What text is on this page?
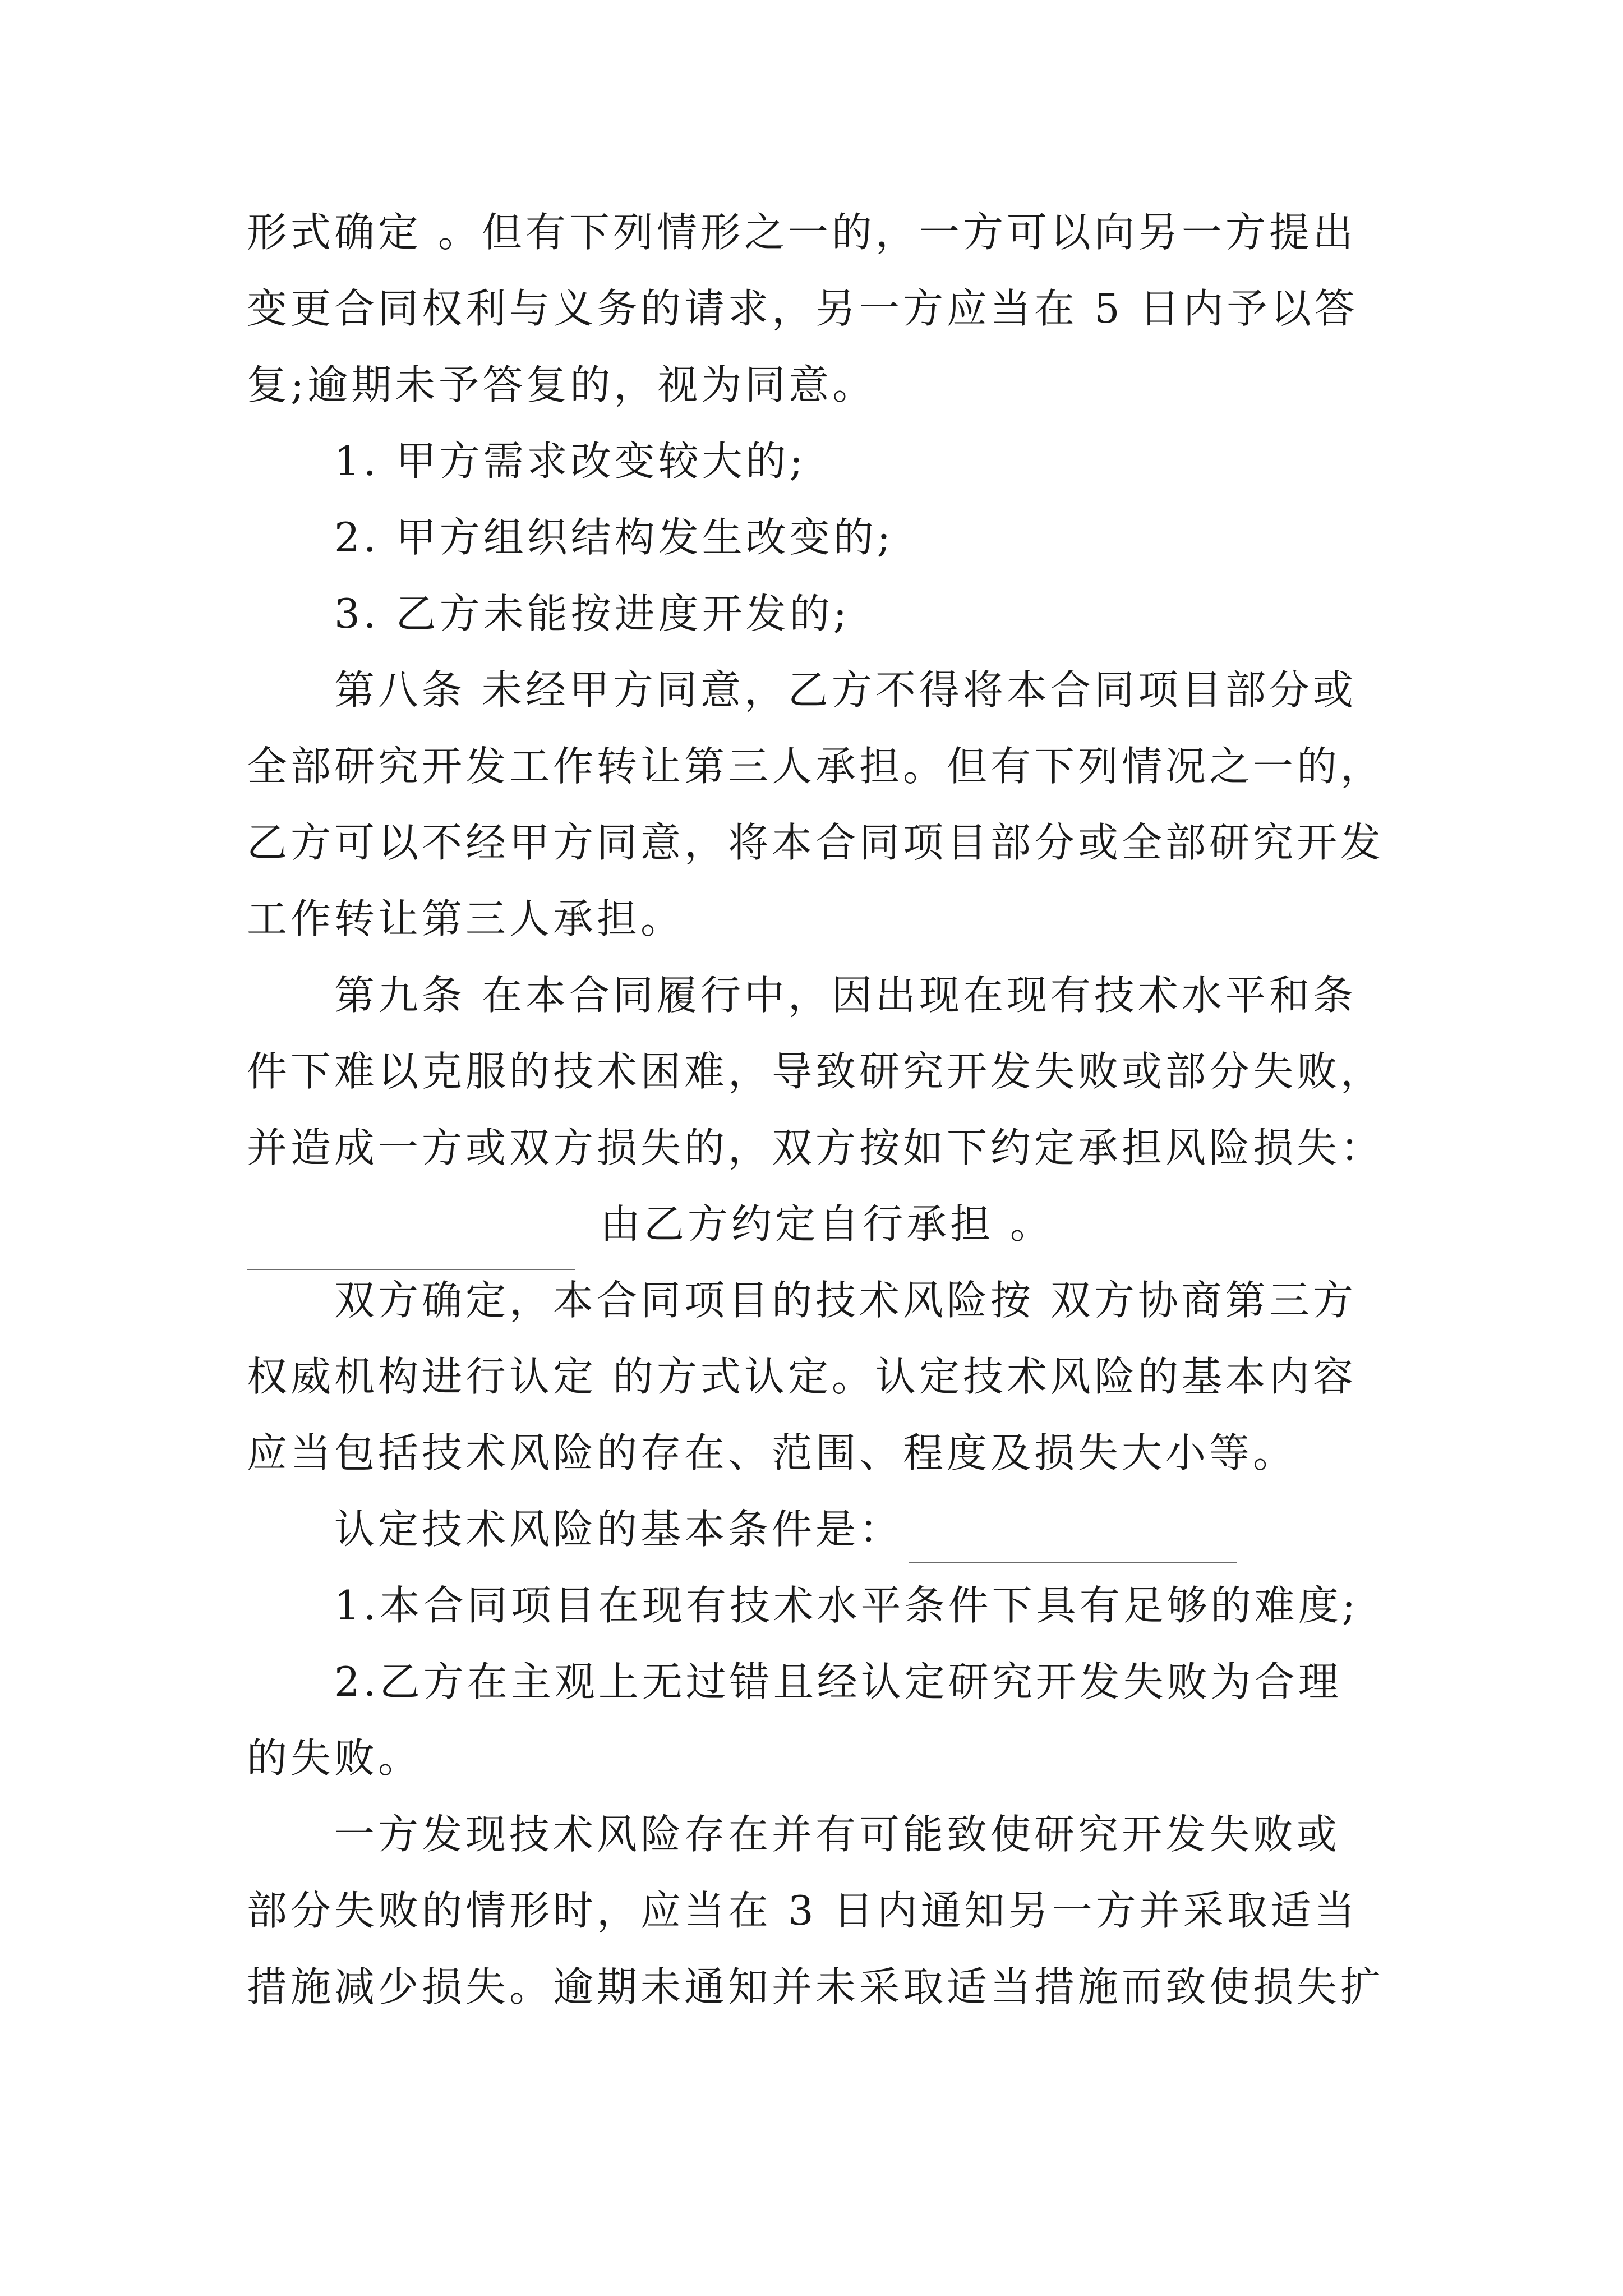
形式确定 。但有下列情形之一的，一方可以向另一方提出
变更合同权利与义务的请求，另一方应当在 5 日内予以答
复;逾期未予答复的，视为同意。
1. 甲方需求改变较大的;
2. 甲方组织结构发生改变的;
3. 乙方未能按进度开发的;
第八条 未经甲方同意，乙方不得将本合同项目部分或
全部研究开发工作转让第三人承担。但有下列情况之一的，
乙方可以不经甲方同意，将本合同项目部分或全部研究开发
工作转让第三人承担。
第九条 在本合同履行中，因出现在现有技术水平和条
件下难以克服的技术困难，导致研究开发失败或部分失败，
并造成一方或双方损失的，双方按如下约定承担风险损失：
由乙方约定自行承担 。
双方确定，本合同项目的技术风险按 双方协商第三方
权威机构进行认定 的方式认定。认定技术风险的基本内容
应当包括技术风险的存在、范围、程度及损失大小等。
认定技术风险的基本条件是：
1.本合同项目在现有技术水平条件下具有足够的难度;
2.乙方在主观上无过错且经认定研究开发失败为合理
的失败。
一方发现技术风险存在并有可能致使研究开发失败或
部分失败的情形时，应当在 3 日内通知另一方并采取适当
措施减少损失。逾期未通知并未采取适当措施而致使损失扩
